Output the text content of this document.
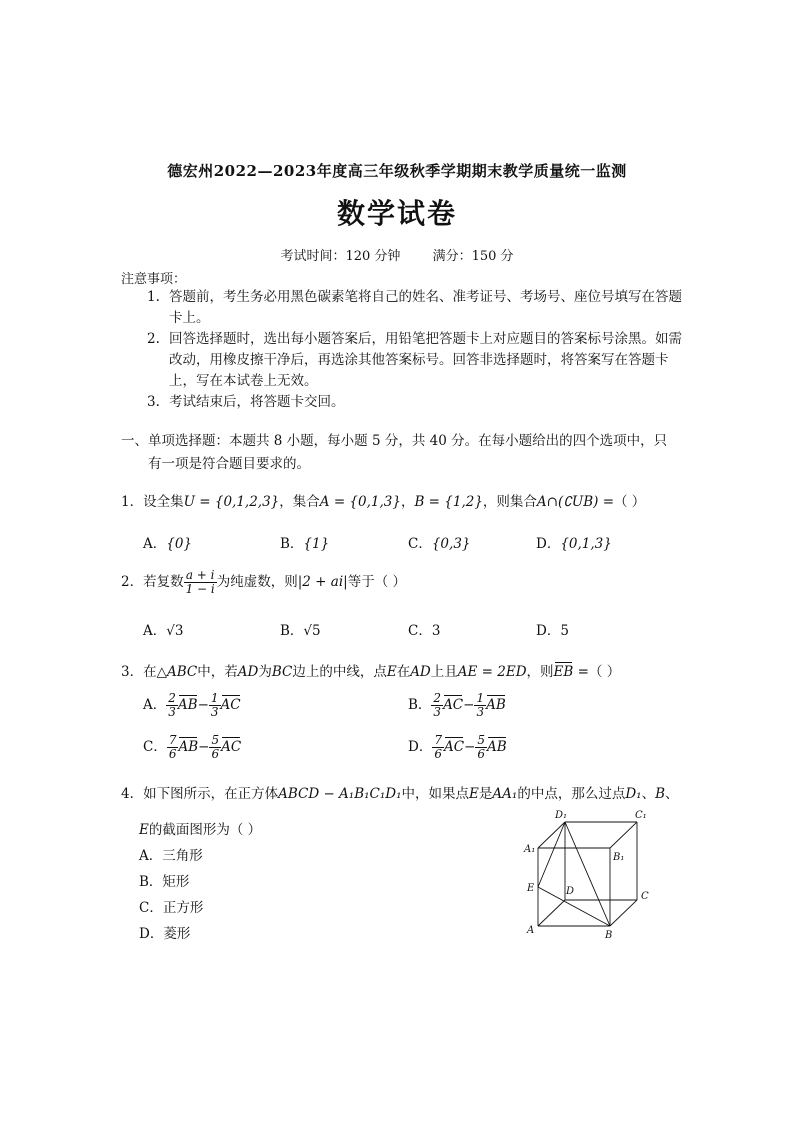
德宏州2022—2023年度高三年级秋季学期期末教学质量统一监测
数学试卷
考试时间：120 分钟 满分：150 分
注意事项：

1. 答题前，考生务必用黑色碳素笔将自己的姓名、准考证号、考场号、座位号填写在答题卡上。

2. 回答选择题时，选出每小题答案后，用铅笔把答题卡上对应题目的答案标号涂黑。如需改动，用橡皮擦干净后，再选涂其他答案标号。回答非选择题时，将答案写在答题卡上，写在本试卷上无效。

3. 考试结束后，将答题卡交回。

一、单项选择题：本题共 8 小题，每小题 5 分，共 40 分。在每小题给出的四个选项中，只
有一项是符合题目要求的。
1．设全集U = {0,1,2,3}，集合A = {0,1,3}，B = {1,2}，则集合A∩(∁UB) =（ ）
A．{0}	B．{1}	C．{0,3}	D．{0,1,3}
2．若复数 $\frac{a + i}{1 - i}$ 为纯虚数，则|2 + ai|等于（ ）
A．√3	B．√5	C．3	D．5
3．在△ABC中，若AD为BC边上的中线，点E在AD上且AE = 2ED，则EB =（ ）
A． $\frac{2}{3} AB- \frac{1}{3}$ AC	B． $\frac{2}{3} AC- \frac{1}{3}$ AB
C． $\frac{7}{6} AB- \frac{5}{6}$ AC	D． $\frac{7}{6} AC- \frac{5}{6}$ AB
4．如下图所示，在正方体ABCD − A₁B₁C₁D₁中，如果点E是AA₁的中点，那么过点D₁、B、
E的截面图形为（ ）
A．三角形
B．矩形
C．正方形
D．菱形
D₁	C₁
A₁
B₁
E	D	C
A	B
